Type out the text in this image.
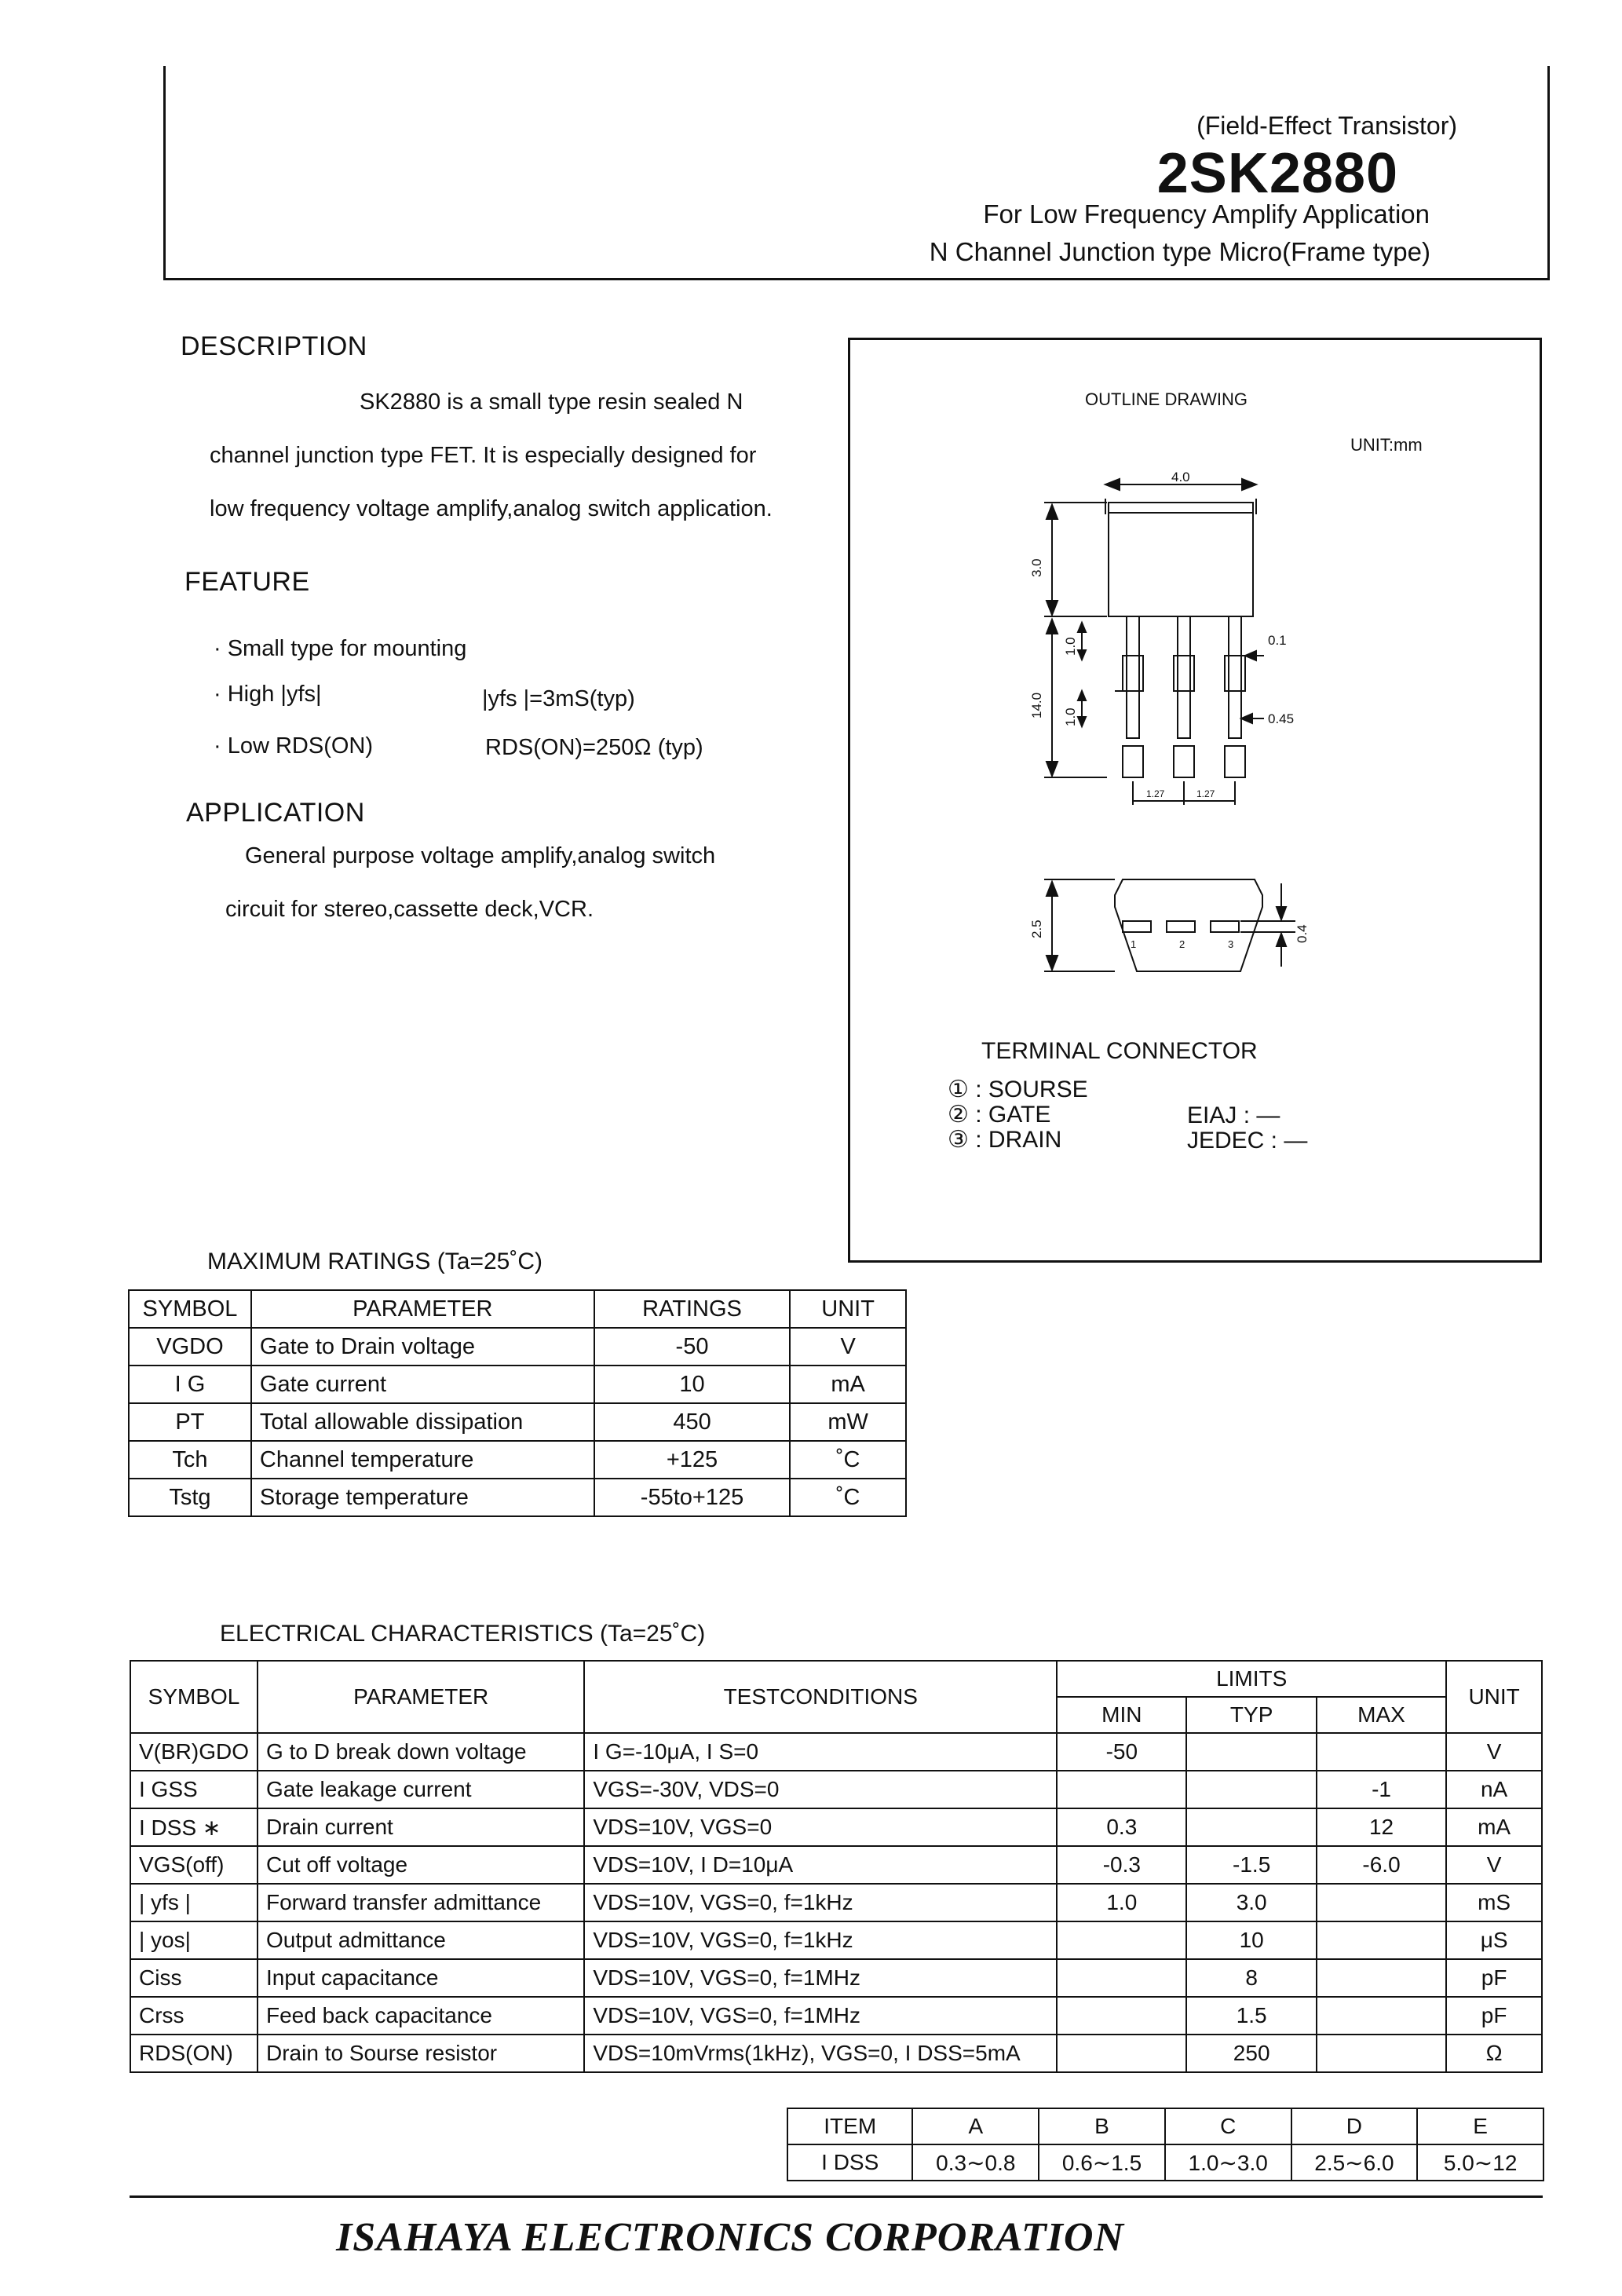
(Field-Effect Transistor)
2SK2880
For Low Frequency Amplify Application
N Channel Junction type Micro(Frame type)
DESCRIPTION
SK2880 is a small type resin sealed N
channel junction type FET. It is especially designed for
low frequency voltage amplify,analog switch application.
FEATURE
· Small type for mounting
· High |yfs|	|yfs |=3mS(typ)
· Low RDS(ON)	RDS(ON)=250Ω (typ)
APPLICATION
General purpose voltage amplify,analog switch
circuit for stereo,cassette deck,VCR.
OUTLINE DRAWING
UNIT:mm
4.0
3.0
14.0
1.0
1.0
0.1
0.45
1.27	1.27
2.5
1	2	3
0.4
TERMINAL CONNECTOR
① : SOURSE
② : GATE
③ : DRAIN
EIAJ : —
JEDEC : —
MAXIMUM RATINGS (Ta=25˚C)
SYMBOL	PARAMETER	RATINGS	UNIT
VGDO	Gate to Drain voltage	-50	V
I G	Gate current	10	mA
PT	Total allowable dissipation	450	mW
Tch	Channel temperature	+125	˚C
Tstg	Storage temperature	-55to+125	˚C
ELECTRICAL CHARACTERISTICS (Ta=25˚C)
SYMBOL	PARAMETER	TESTCONDITIONS	LIMITS			UNIT
			MIN	TYP	MAX	
V(BR)GDO	G to D break down voltage	I G=-10μA, I S=0	-50			V
I GSS	Gate leakage current	VGS=-30V, VDS=0			-1	nA
I DSS ∗	Drain current	VDS=10V, VGS=0	0.3		12	mA
VGS(off)	Cut off voltage	VDS=10V, I D=10μA	-0.3	-1.5	-6.0	V
| yfs |	Forward transfer admittance	VDS=10V, VGS=0, f=1kHz	1.0	3.0		mS
| yos|	Output admittance	VDS=10V, VGS=0, f=1kHz		10		μS
Ciss	Input capacitance	VDS=10V, VGS=0, f=1MHz		8		pF
Crss	Feed back capacitance	VDS=10V, VGS=0, f=1MHz		1.5		pF
RDS(ON)	Drain to Sourse resistor	VDS=10mVrms(1kHz), VGS=0, I DSS=5mA		250		Ω
ITEM	A	B	C	D	E
I DSS	0.3∼0.8	0.6∼1.5	1.0∼3.0	2.5∼6.0	5.0∼12
ISAHAYA ELECTRONICS CORPORATION
